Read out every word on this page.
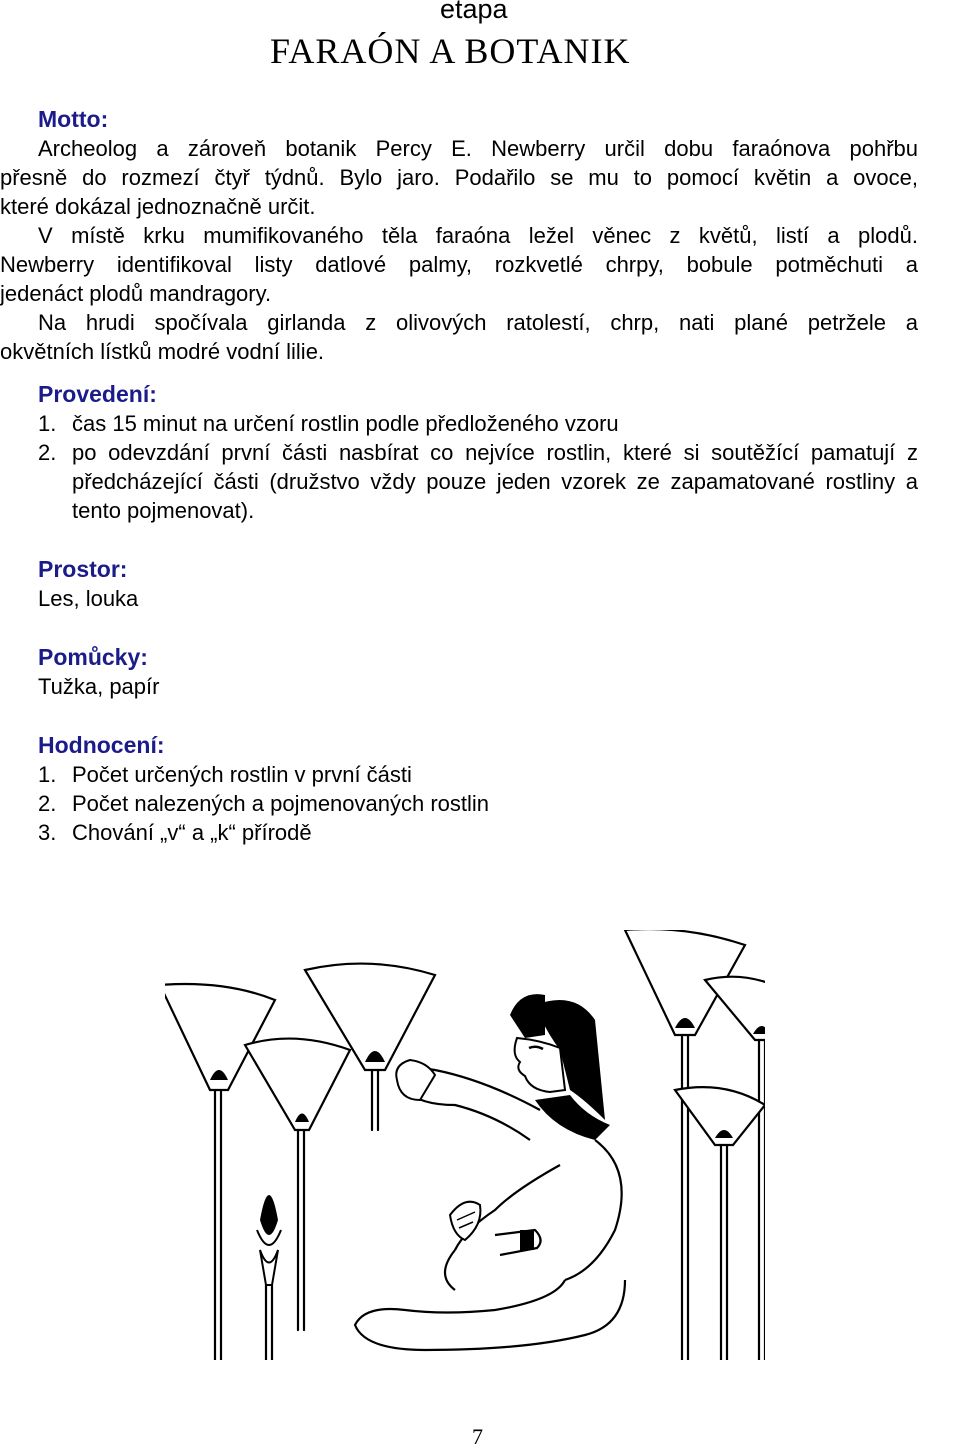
etapa
FARAÓN A BOTANIK
Motto:
Archeolog a zároveň botanik Percy E. Newberry určil dobu faraónova pohřbu
přesně do rozmezí čtyř týdnů. Bylo jaro. Podařilo se mu to pomocí květin a ovoce,
které dokázal jednoznačně určit.
V místě krku mumifikovaného těla faraóna ležel věnec z květů, listí a plodů.
Newberry identifikoval listy datlové palmy, rozkvetlé chrpy, bobule potměchuti a
jedenáct plodů mandragory.
Na hrudi spočívala girlanda z olivových ratolestí, chrp, nati plané petržele a
okvětních lístků modré vodní lilie.
Provedení:
1. čas 15 minut na určení rostlin podle předloženého vzoru
2. po odevzdání první části nasbírat co nejvíce rostlin, které si soutěžící pamatují z předcházející části (družstvo vždy pouze jeden vzorek ze zapamatované rostliny a tento pojmenovat).
Prostor:
Les, louka
Pomůcky:
Tužka, papír
Hodnocení:
1. Počet určených rostlin v první části
2. Počet nalezených a pojmenovaných rostlin
3. Chování „v“ a „k“ přírodě
7
